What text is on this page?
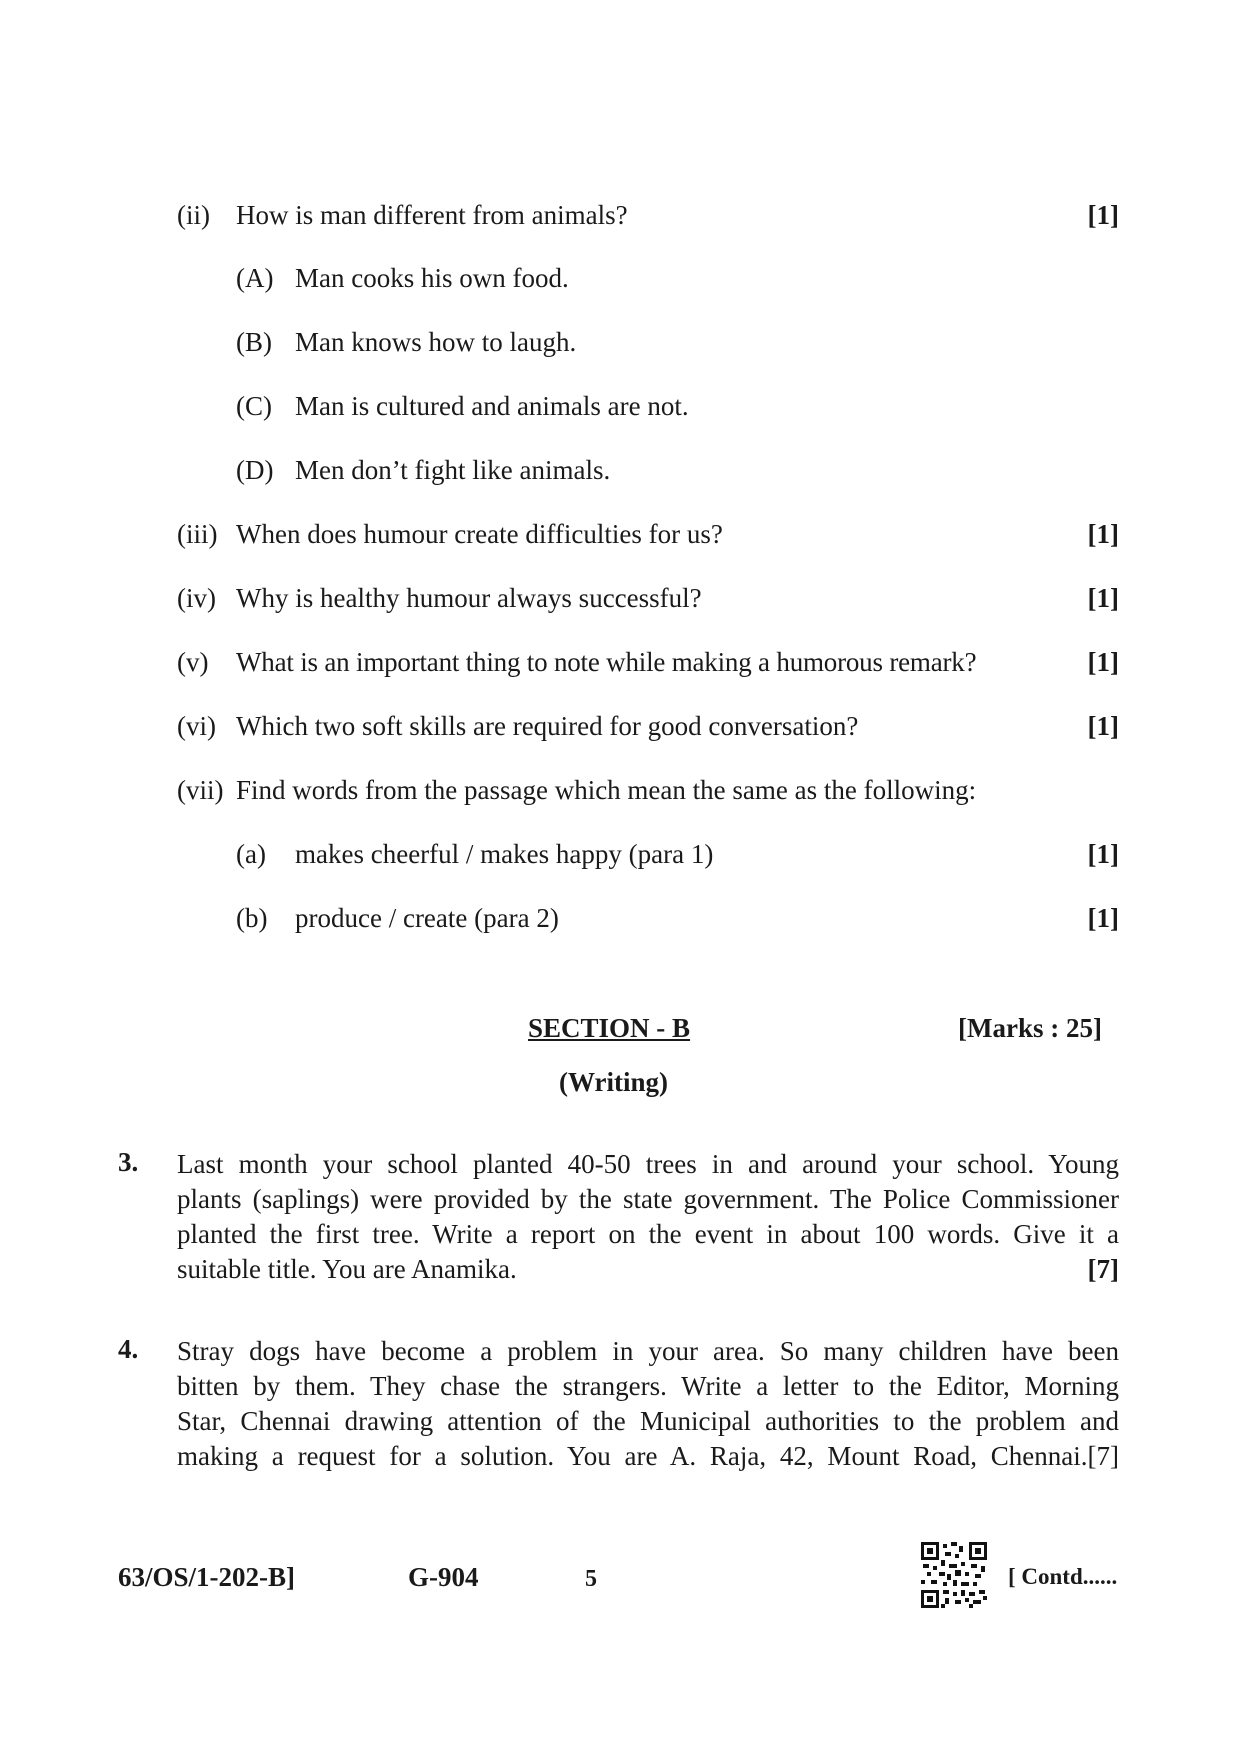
(ii) How is man different from animals?	[1]
(A) Man cooks his own food.
(B) Man knows how to laugh.
(C) Man is cultured and animals are not.
(D) Men don’t fight like animals.
(iii) When does humour create difficulties for us?	[1]
(iv) Why is healthy humour always successful?	[1]
(v) What is an important thing to note while making a humorous remark?	[1]
(vi) Which two soft skills are required for good conversation?	[1]
(vii) Find words from the passage which mean the same as the following:
(a) makes cheerful / makes happy (para 1)	[1]
(b) produce / create (para 2)	[1]
SECTION - B	[Marks : 25]
(Writing)
3. Last month your school planted 40-50 trees in and around your school. Young
plants (saplings) were provided by the state government. The Police Commissioner
planted the first tree. Write a report on the event in about 100 words. Give it a
suitable title. You are Anamika.	[7]
4. Stray dogs have become a problem in your area. So many children have been
bitten by them. They chase the strangers. Write a letter to the Editor, Morning
Star, Chennai drawing attention of the Municipal authorities to the problem and
making a request for a solution. You are A. Raja, 42, Mount Road, Chennai.[7]
63/OS/1-202-B]	G-904	5	[ Contd......
